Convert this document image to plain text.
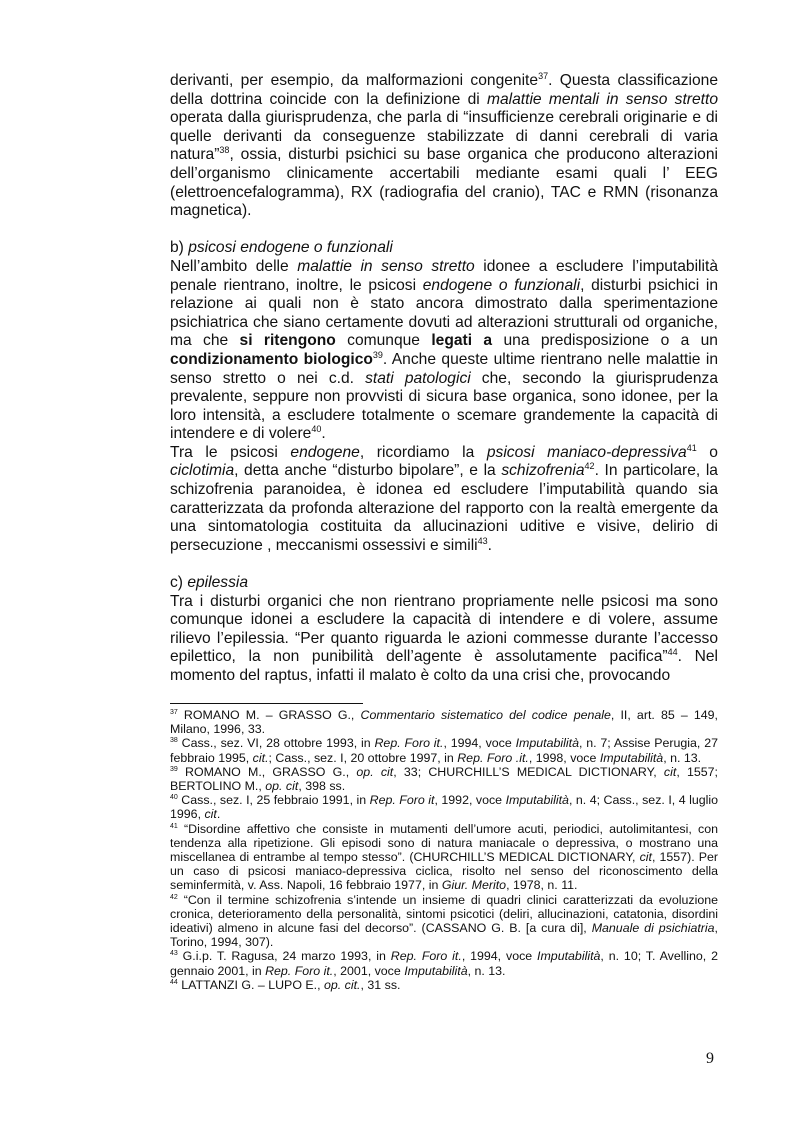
derivanti, per esempio, da malformazioni congenite$^{37}$. Questa classificazione della dottrina coincide con la definizione di malattie mentali in senso stretto operata dalla giurisprudenza, che parla di “insufficienze cerebrali originarie e di quelle derivanti da conseguenze stabilizzate di danni cerebrali di varia natura”$^{38}$, ossia, disturbi psichici su base organica che producono alterazioni dell’organismo clinicamente accertabili mediante esami quali l’ EEG (elettroencefalogramma), RX (radiografia del cranio), TAC e RMN (risonanza magnetica).

b) psicosi endogene o funzionali

Nell’ambito delle malattie in senso stretto idonee a escludere l’imputabilità penale rientrano, inoltre, le psicosi endogene o funzionali, disturbi psichici in relazione ai quali non è stato ancora dimostrato dalla sperimentazione psichiatrica che siano certamente dovuti ad alterazioni strutturali od organiche, ma che si ritengono comunque legati a una predisposizione o a un condizionamento biologico$^{39}$. Anche queste ultime rientrano nelle malattie in senso stretto o nei c.d. stati patologici che, secondo la giurisprudenza prevalente, seppure non provvisti di sicura base organica, sono idonee, per la loro intensità, a escludere totalmente o scemare grandemente la capacità di intendere e di volere$^{40}$.

Tra le psicosi endogene, ricordiamo la psicosi maniaco-depressiva$^{41}$ o ciclotimia, detta anche “disturbo bipolare”, e la schizofrenia$^{42}$. In particolare, la schizofrenia paranoidea, è idonea ed escludere l’imputabilità quando sia caratterizzata da profonda alterazione del rapporto con la realtà emergente da una sintomatologia costituita da allucinazioni uditive e visive, delirio di persecuzione , meccanismi ossessivi e simili$^{43}$.

c) epilessia

Tra i disturbi organici che non rientrano propriamente nelle psicosi ma sono comunque idonei a escludere la capacità di intendere e di volere, assume rilievo l’epilessia. “Per quanto riguarda le azioni commesse durante l’accesso epilettico, la non punibilità dell’agente è assolutamente pacifica”$^{44}$. Nel momento del raptus, infatti il malato è colto da una crisi che, provocando

$^{37}$ ROMANO M. – GRASSO G., Commentario sistematico del codice penale, II, art. 85 – 149, Milano, 1996, 33.

$^{38}$ Cass., sez. VI, 28 ottobre 1993, in Rep. Foro it., 1994, voce Imputabilità, n. 7; Assise Perugia, 27 febbraio 1995, cit.; Cass., sez. I, 20 ottobre 1997, in Rep. Foro .it., 1998, voce Imputabilità, n. 13.

$^{39}$ ROMANO M., GRASSO G., op. cit, 33; CHURCHILL’S MEDICAL DICTIONARY, cit, 1557; BERTOLINO M., op. cit, 398 ss.

$^{40}$ Cass., sez. I, 25 febbraio 1991, in Rep. Foro it, 1992, voce Imputabilità, n. 4; Cass., sez. I, 4 luglio 1996, cit.

$^{41}$ “Disordine affettivo che consiste in mutamenti dell’umore acuti, periodici, autolimitantesi, con tendenza alla ripetizione. Gli episodi sono di natura maniacale o depressiva, o mostrano una miscellanea di entrambe al tempo stesso”. (CHURCHILL’S MEDICAL DICTIONARY, cit, 1557). Per un caso di psicosi maniaco-depressiva ciclica, risolto nel senso del riconoscimento della seminfermità, v. Ass. Napoli, 16 febbraio 1977, in Giur. Merito, 1978, n. 11.

$^{42}$ “Con il termine schizofrenia s’intende un insieme di quadri clinici caratterizzati da evoluzione cronica, deterioramento della personalità, sintomi psicotici (deliri, allucinazioni, catatonia, disordini ideativi) almeno in alcune fasi del decorso”. (CASSANO G. B. [a cura di], Manuale di psichiatria, Torino, 1994, 307).

$^{43}$ G.i.p. T. Ragusa, 24 marzo 1993, in Rep. Foro it., 1994, voce Imputabilità, n. 10; T. Avellino, 2 gennaio 2001, in Rep. Foro it., 2001, voce Imputabilità, n. 13.

$^{44}$ LATTANZI G. – LUPO E., op. cit., 31 ss.

9
